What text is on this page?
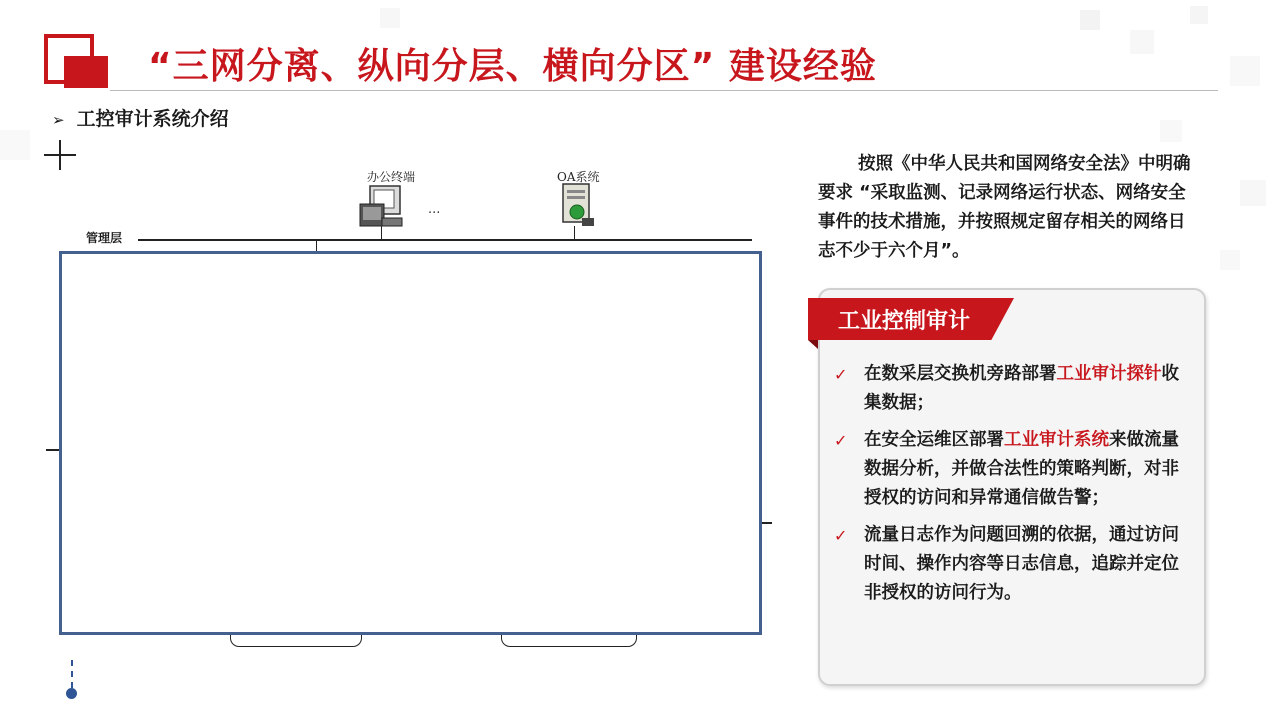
“三网分离、纵向分层、横向分区” 建设经验
➢ 工控审计系统介绍
办公终端
...
OA系统
管理层

按照《中华人民共和国网络安全法》中明确要求 “采取监测、记录网络运行状态、网络安全事件的技术措施，并按照规定留存相关的网络日志不少于六个月”。

工业控制审计
✓ 在数采层交换机旁路部署工业审计探针收集数据；
✓ 在安全运维区部署工业审计系统来做流量数据分析，并做合法性的策略判断，对非授权的访问和异常通信做告警；
✓ 流量日志作为问题回溯的依据，通过访问时间、操作内容等日志信息，追踪并定位非授权的访问行为。
